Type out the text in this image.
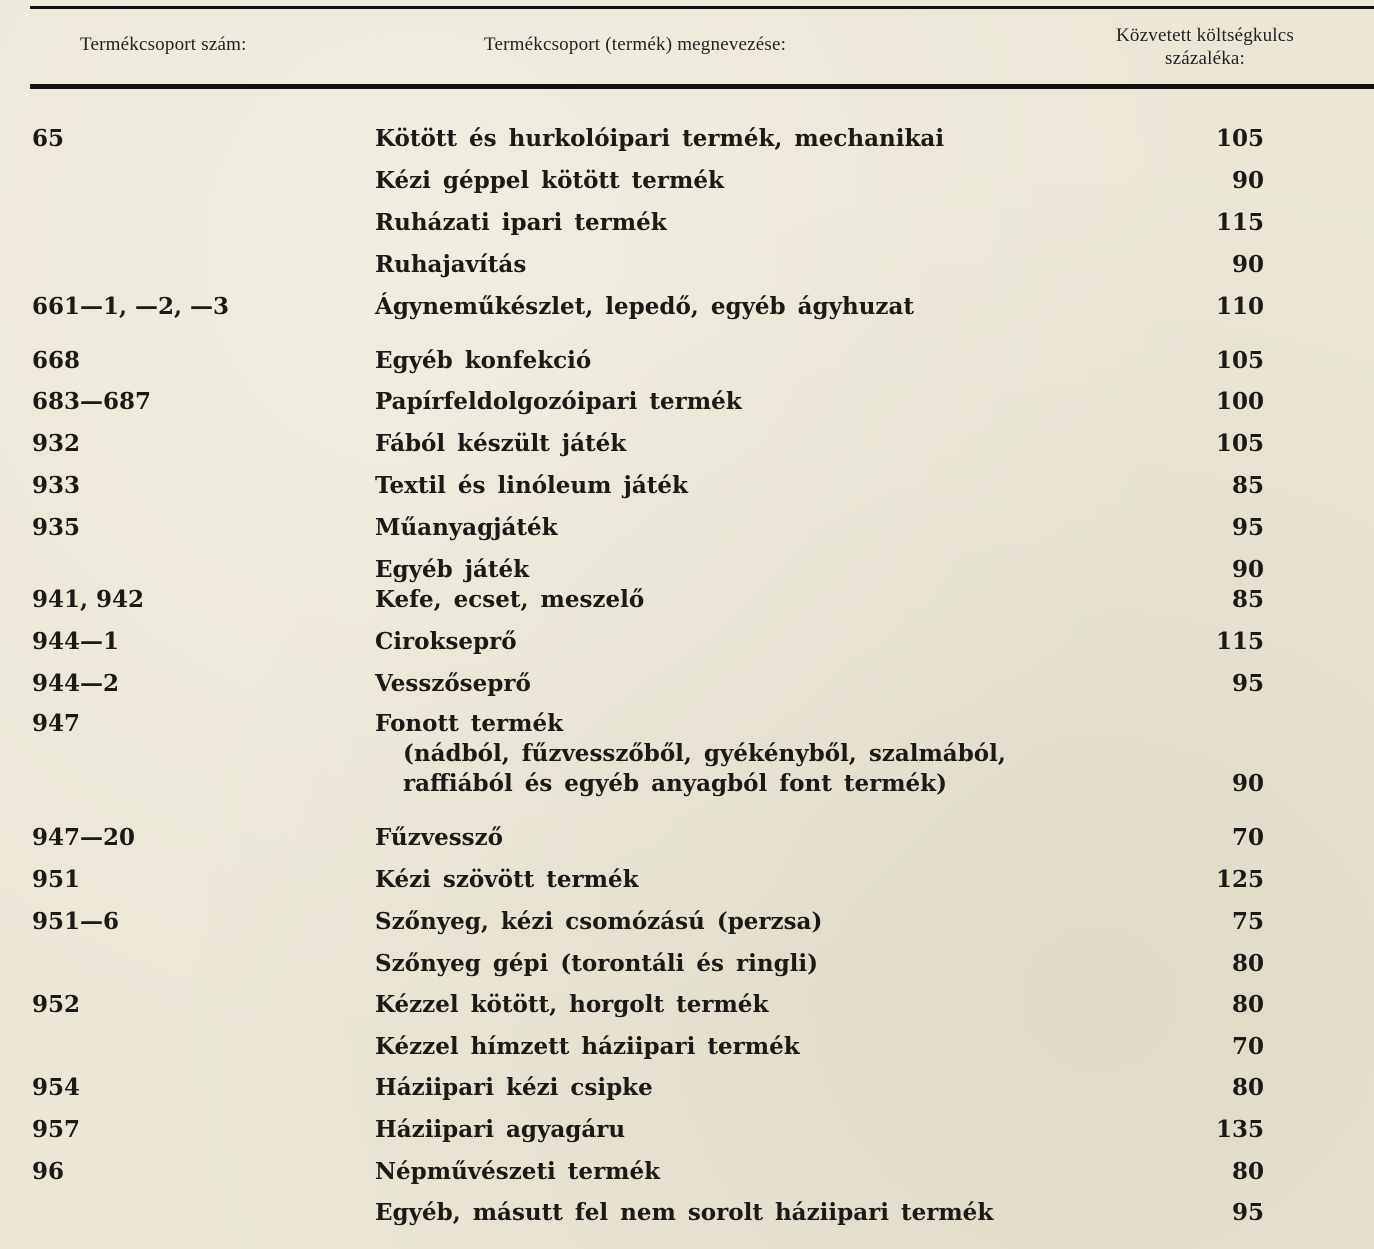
Termékcsoport szám:	Termékcsoport (termék) megnevezése:	Közvetett költségkulcs
százaléka:
65	Kötött és hurkolóipari termék, mechanikai	105
Kézi géppel kötött termék	90
Ruházati ipari termék	115
Ruhajavítás	90
661—1, —2, —3	Ágyneműkészlet, lepedő, egyéb ágyhuzat	110
668	Egyéb konfekció	105
683—687	Papírfeldolgozóipari termék	100
932	Fából készült játék	105
933	Textil és linóleum játék	85
935	Műanyagjáték	95
Egyéb játék	90
941, 942	Kefe, ecset, meszelő	85
944—1	Cirokseprő	115
944—2	Vesszőseprő	95
947	Fonott termék
(nádból, fűzvesszőből, gyékényből, szalmából,
raffiából és egyéb anyagból font termék)	90
947—20	Fűzvessző	70
951	Kézi szövött termék	125
951—6	Szőnyeg, kézi csomózású (perzsa)	75
Szőnyeg gépi (torontáli és ringli)	80
952	Kézzel kötött, horgolt termék	80
Kézzel hímzett háziipari termék	70
954	Háziipari kézi csipke	80
957	Háziipari agyagáru	135
96	Népművészeti termék	80
Egyéb, másutt fel nem sorolt háziipari termék	95
